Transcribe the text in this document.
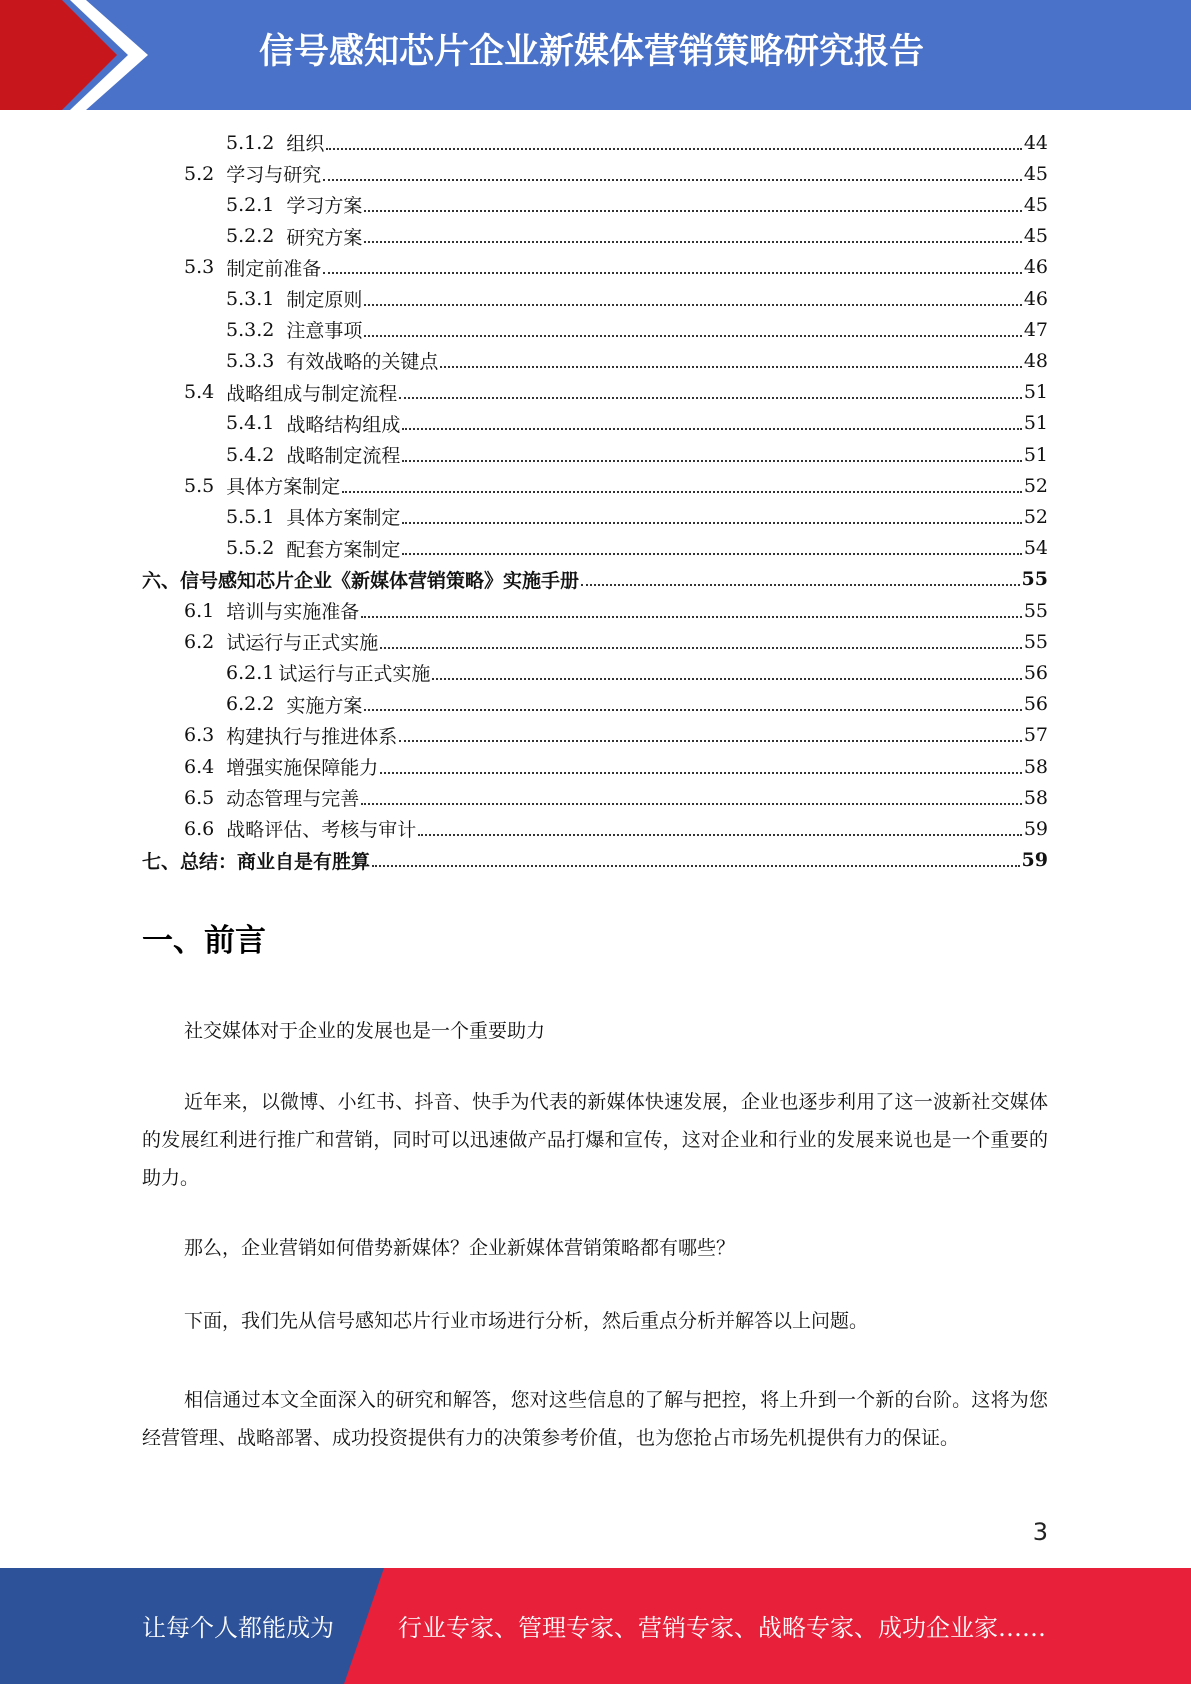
信号感知芯片企业新媒体营销策略研究报告
5.1.2 组织	44
5.2 学习与研究	45
5.2.1 学习方案	45
5.2.2 研究方案	45
5.3 制定前准备	46
5.3.1 制定原则	46
5.3.2 注意事项	47
5.3.3 有效战略的关键点	48
5.4 战略组成与制定流程	51
5.4.1 战略结构组成	51
5.4.2 战略制定流程	51
5.5 具体方案制定	52
5.5.1 具体方案制定	52
5.5.2 配套方案制定	54
六、 信号感知芯片企业《新媒体营销策略》实施手册	55
6.1 培训与实施准备	55
6.2 试运行与正式实施	55
6.2.1 试运行与正式实施	56
6.2.2 实施方案	56
6.3 构建执行与推进体系	57
6.4 增强实施保障能力	58
6.5 动态管理与完善	58
6.6 战略评估、考核与审计	59
七、 总结：商业自是有胜算	59
一、前言

社交媒体对于企业的发展也是一个重要助力

近年来，以微博、小红书、抖音、快手为代表的新媒体快速发展，企业也逐步利用了这一波新社交媒体的发展红利进行推广和营销，同时可以迅速做产品打爆和宣传，这对企业和行业的发展来说也是一个重要的助力。

那么，企业营销如何借势新媒体？企业新媒体营销策略都有哪些？

下面，我们先从信号感知芯片行业市场进行分析，然后重点分析并解答以上问题。

相信通过本文全面深入的研究和解答，您对这些信息的了解与把控，将上升到一个新的台阶。这将为您经营管理、战略部署、成功投资提供有力的决策参考价值，也为您抢占市场先机提供有力的保证。

3
让每个人都能成为	行业专家、管理专家、营销专家、战略专家、成功企业家……
